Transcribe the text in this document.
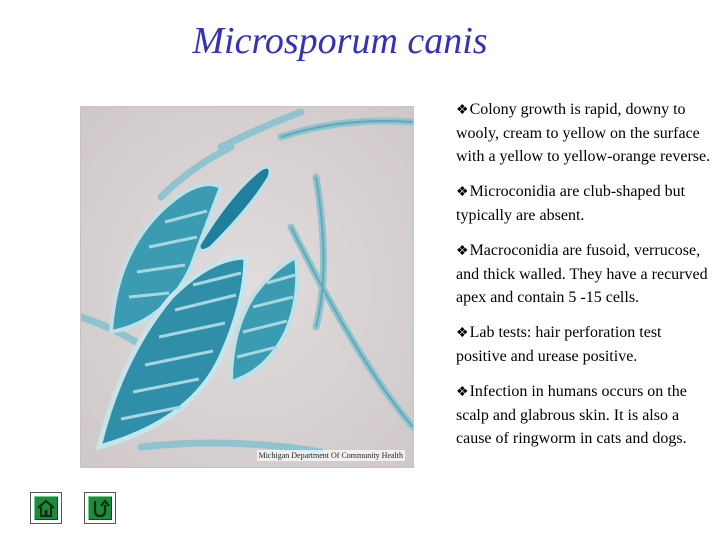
Microsporum canis
Michigan Department Of Community Health
❖Colony growth is rapid, downy to wooly, cream to yellow on the surface with a yellow to yellow-orange reverse.
❖Microconidia are club-shaped but typically are absent.
❖Macroconidia are fusoid, verrucose, and thick walled. They have a recurved apex and contain 5 -15 cells.
❖Lab tests: hair perforation test positive and urease positive.
❖Infection in humans occurs on the scalp and glabrous skin. It is also a cause of ringworm in cats and dogs.
